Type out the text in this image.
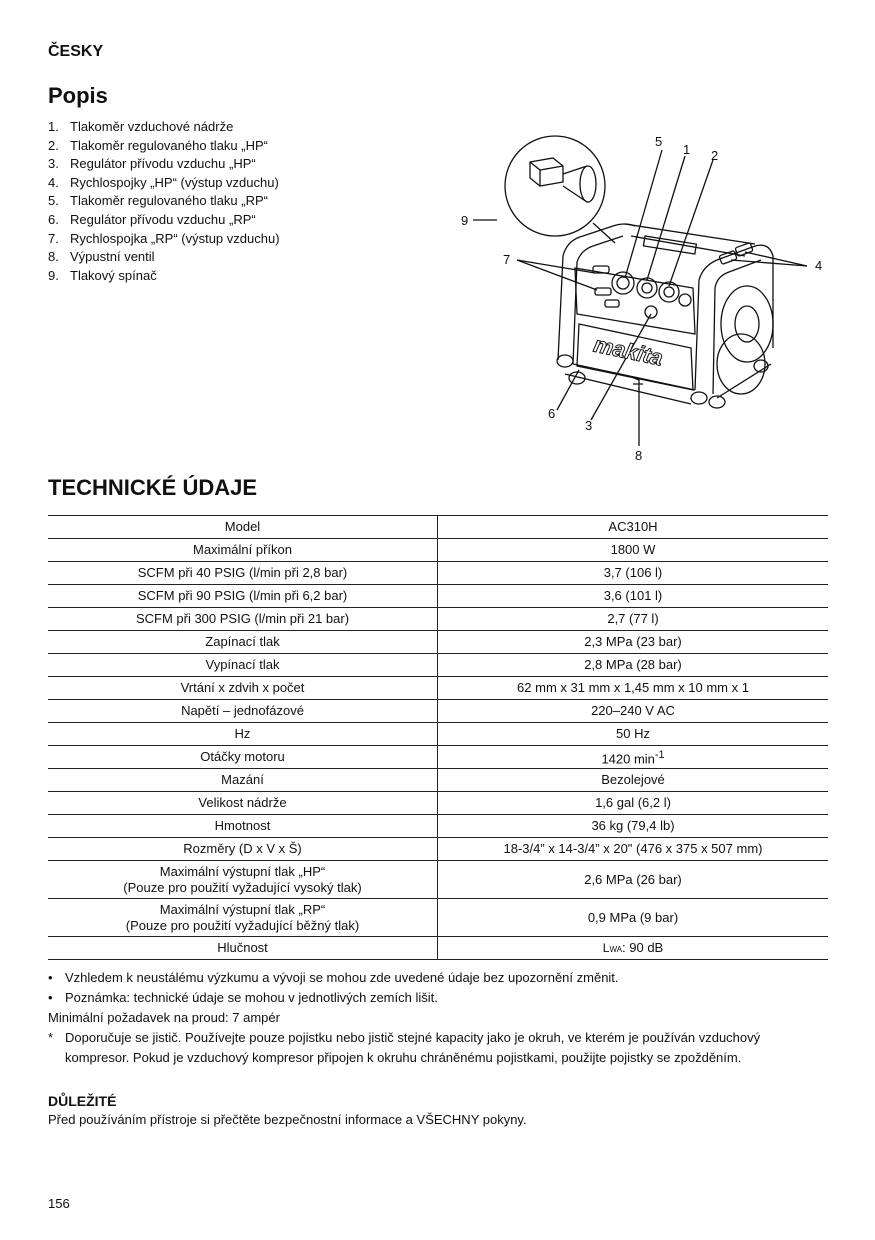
ČESKY
Popis
1. Tlakoměr vzduchové nádrže
2. Tlakoměr regulovaného tlaku „HP“
3. Regulátor přívodu vzduchu „HP“
4. Rychlospojky „HP“ (výstup vzduchu)
5. Tlakoměr regulovaného tlaku „RP“
6. Regulátor přívodu vzduchu „RP“
7. Rychlospojka „RP“ (výstup vzduchu)
8. Výpustní ventil
9. Tlakový spínač
makita
5
1 2
9
7	4
6
3
8
TECHNICKÉ ÚDAJE
Model	AC310H
Maximální příkon	1800 W
SCFM při 40 PSIG (l/min při 2,8 bar)	3,7 (106 l)
SCFM při 90 PSIG (l/min při 6,2 bar)	3,6 (101 l)
SCFM při 300 PSIG (l/min při 21 bar)	2,7 (77 l)
Zapínací tlak	2,3 MPa (23 bar)
Vypínací tlak	2,8 MPa (28 bar)
Vrtání x zdvih x počet	62 mm x 31 mm x 1,45 mm x 10 mm x 1
Napětí – jednofázové	220–240 V AC
Hz	50 Hz
Otáčky motoru	1420 $\min^{-1}$
Mazání	Bezolejové
Velikost nádrže	1,6 gal (6,2 l)
Hmotnost	36 kg (79,4 lb)
Rozměry (D x V x Š)	18-3/4” x 14-3/4” x 20" (476 x 375 x 507 mm)

Maximální výstupní tlak „HP“
(Pouze pro použití vyžadující vysoký tlak)	2,6 MPa (26 bar)

Maximální výstupní tlak „RP“
(Pouze pro použití vyžadující běžný tlak)	0,9 MPa (9 bar)
Hlučnost	Lwa: 90 dB
• Vzhledem k neustálému výzkumu a vývoji se mohou zde uvedené údaje bez upozornění změnit.
• Poznámka: technické údaje se mohou v jednotlivých zemích lišit.
Minimální požadavek na proud: 7 ampér
* Doporučuje se jistič. Používejte pouze pojistku nebo jistič stejné kapacity jako je okruh, ve kterém je používán vzduchový kompresor. Pokud je vzduchový kompresor připojen k okruhu chráněnému pojistkami, použijte pojistky se zpožděním.
DŮLEŽITÉ
Před používáním přístroje si přečtěte bezpečnostní informace a VŠECHNY pokyny.
156
